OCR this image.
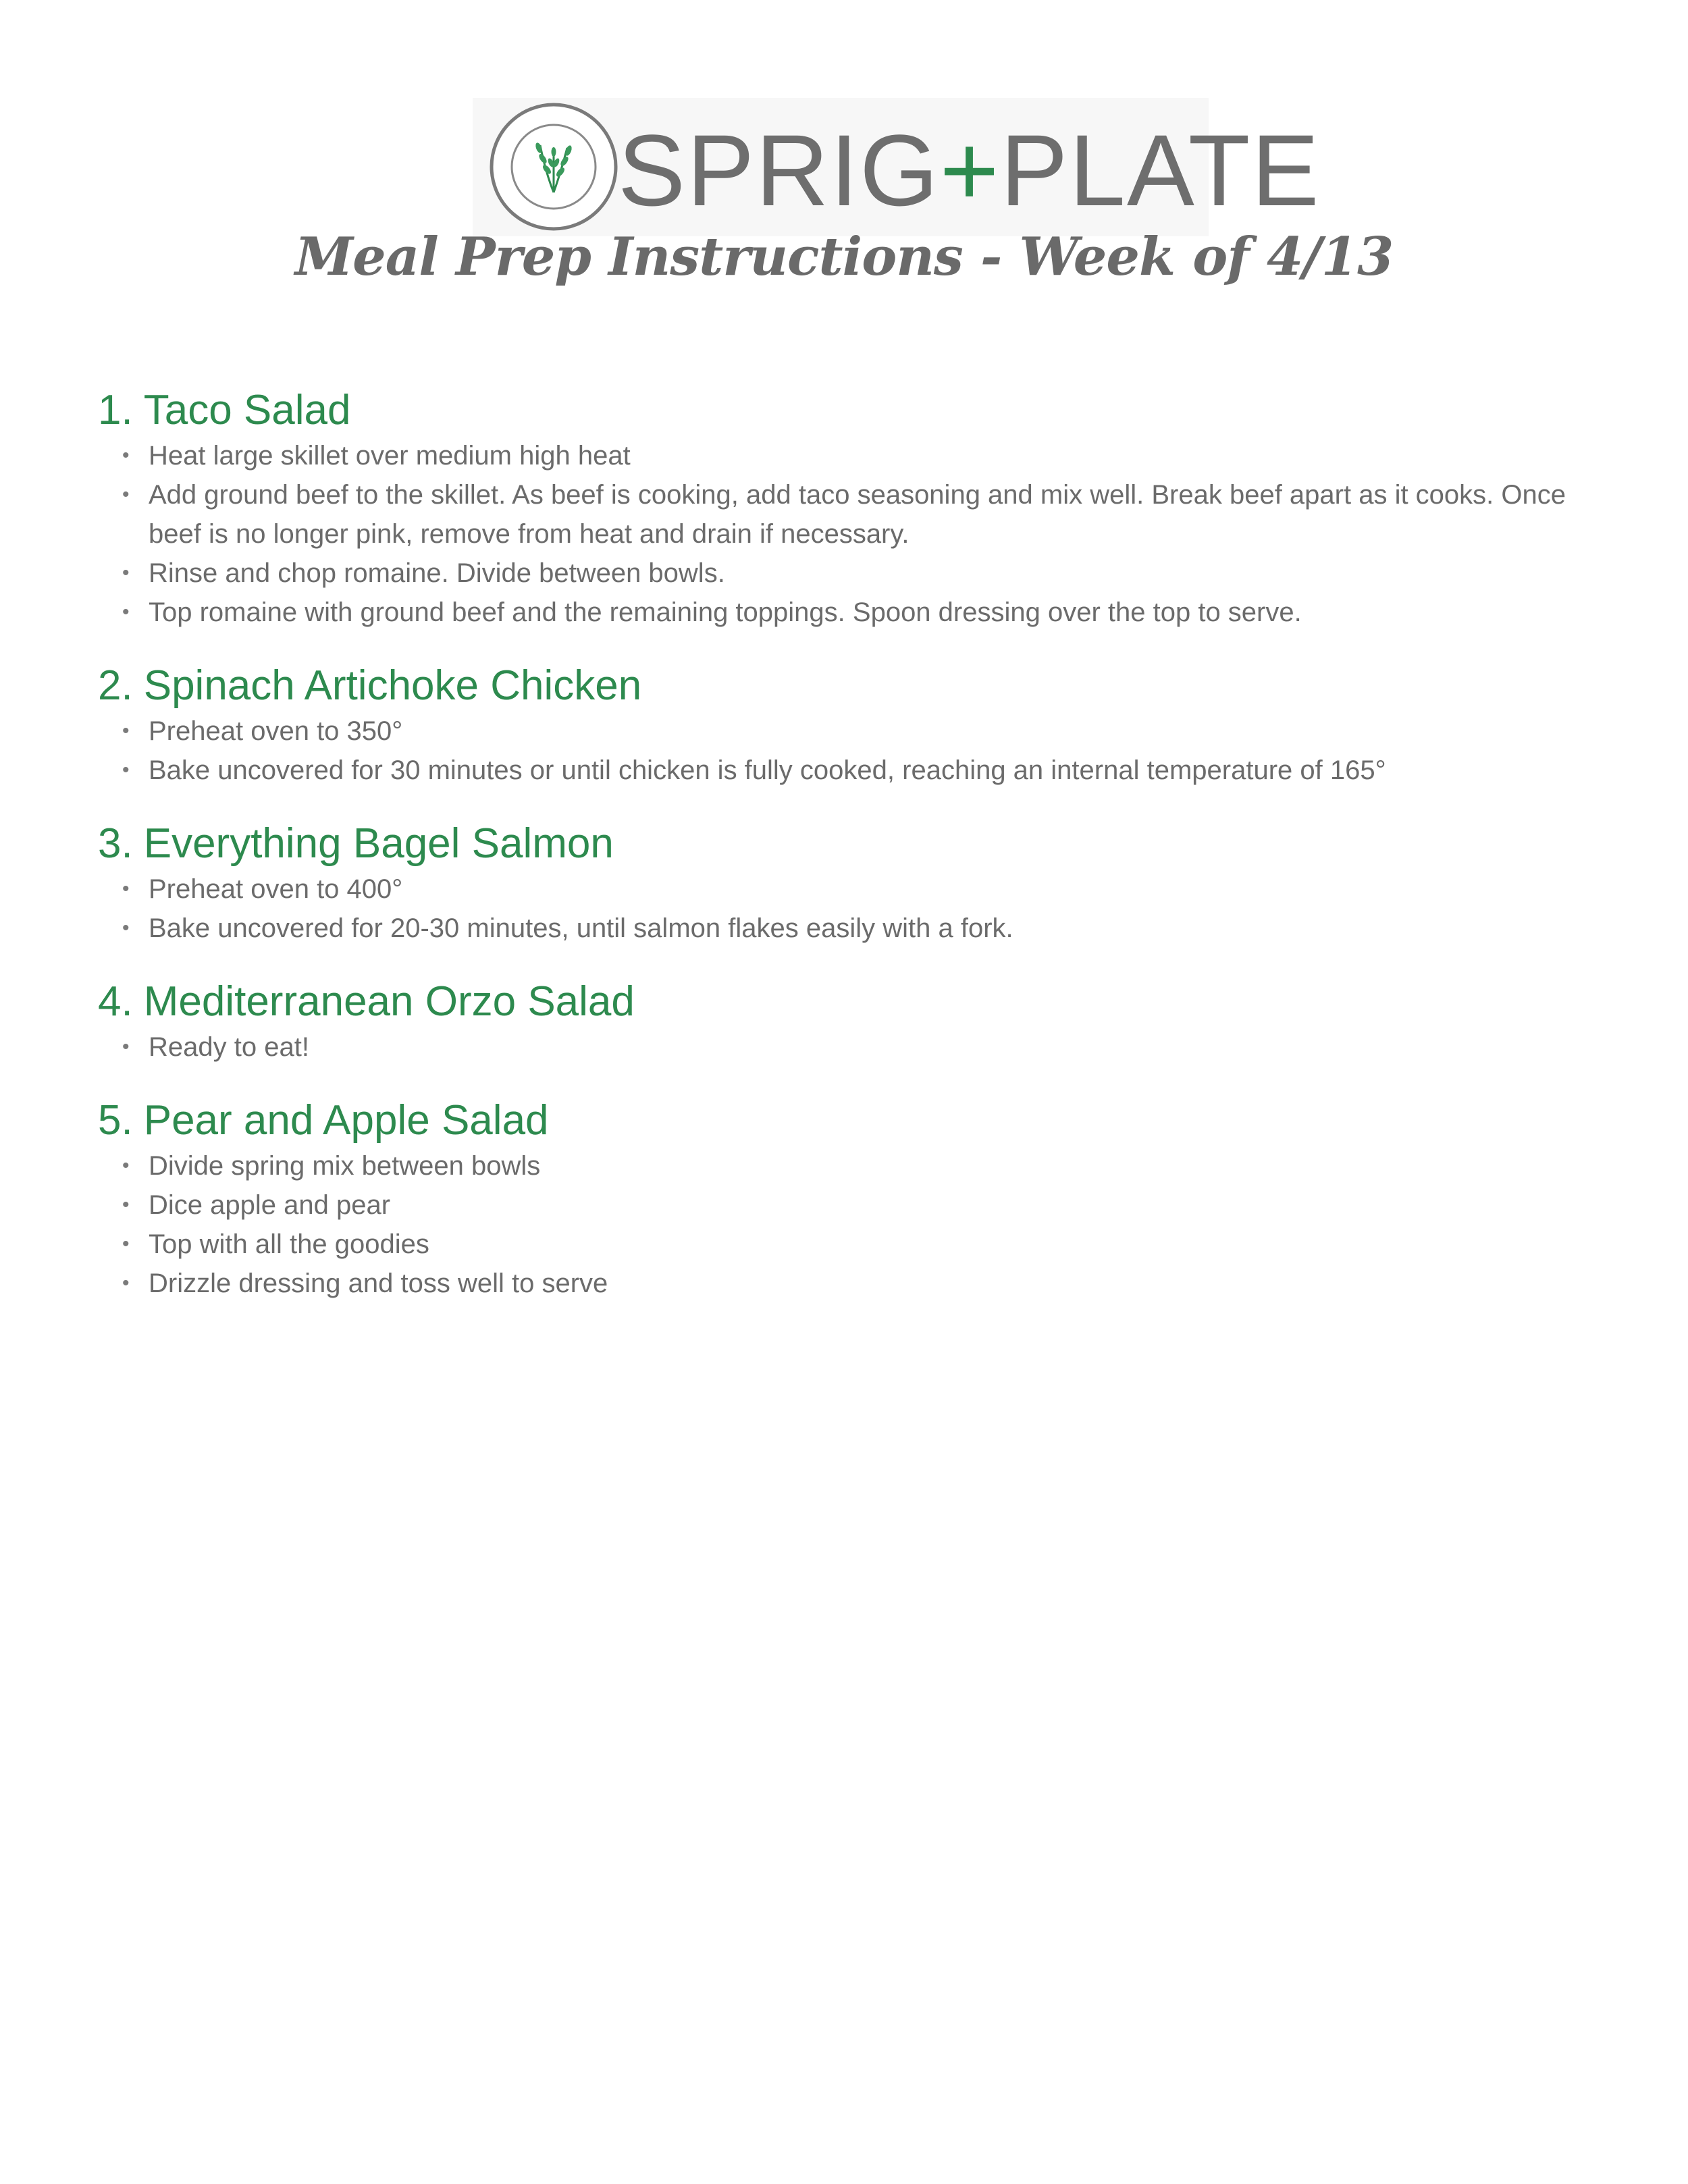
SPRIG+PLATE
Meal Prep Instructions - Week of 4/13
1. Taco Salad
• Heat large skillet over medium high heat
• Add ground beef to the skillet. As beef is cooking, add taco seasoning and mix well. Break beef apart as it cooks. Once beef is no longer pink, remove from heat and drain if necessary.
• Rinse and chop romaine. Divide between bowls.
• Top romaine with ground beef and the remaining toppings. Spoon dressing over the top to serve.
2. Spinach Artichoke Chicken
• Preheat oven to 350°
• Bake uncovered for 30 minutes or until chicken is fully cooked, reaching an internal temperature of 165°
3. Everything Bagel Salmon
• Preheat oven to 400°
• Bake uncovered for 20-30 minutes, until salmon flakes easily with a fork.
4. Mediterranean Orzo Salad
• Ready to eat!
5. Pear and Apple Salad
• Divide spring mix between bowls
• Dice apple and pear
• Top with all the goodies
• Drizzle dressing and toss well to serve
